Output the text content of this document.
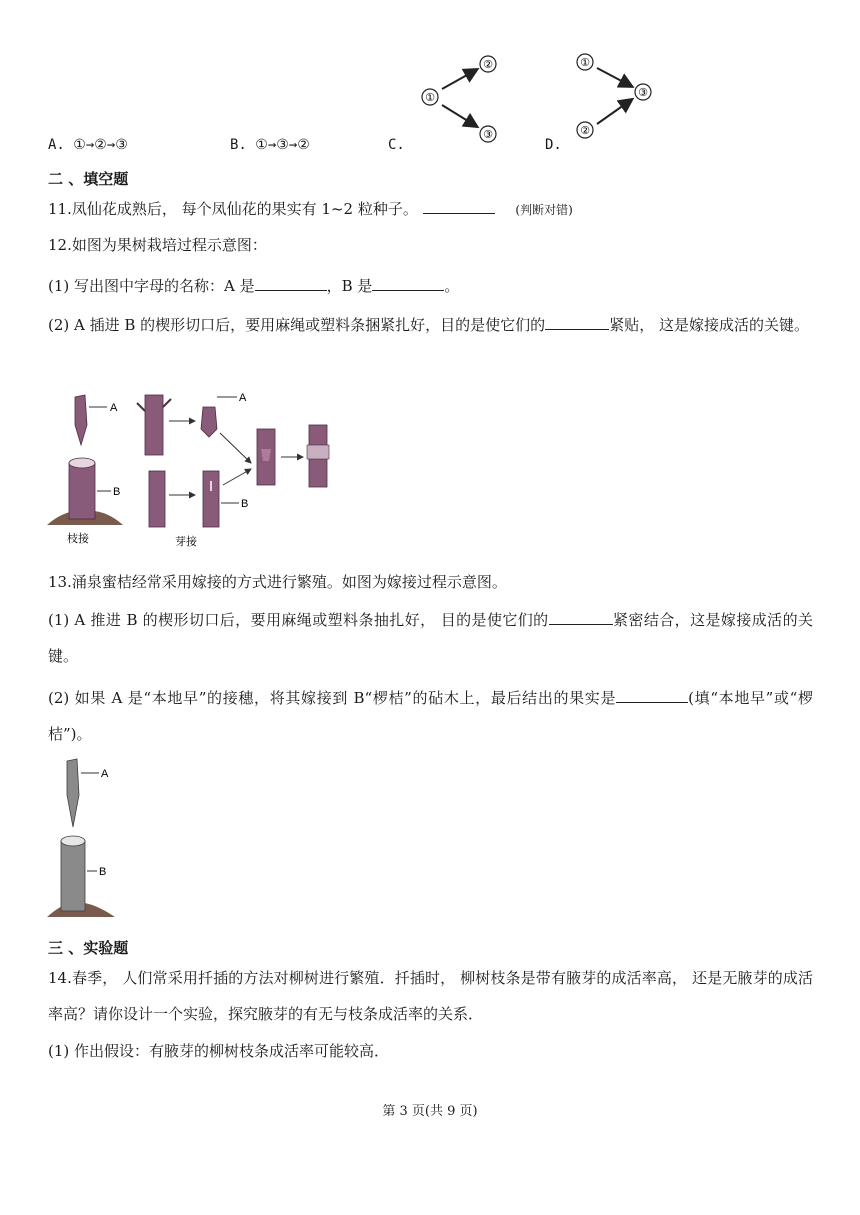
A. ①→②→③	B. ①→③→②	C.	D.
①
②
③
①
②
③
二 、填空题
11.凤仙花成熟后， 每个凤仙花的果实有 1~2 粒种子。	(判断对错)
12.如图为果树栽培过程示意图：
(1) 写出图中字母的名称：A 是	，B 是	。
(2) A 插进 B 的楔形切口后，要用麻绳或塑料条捆紧扎好，目的是使它们的	紧贴， 这是嫁接成活的关键。
A
B
枝接
A
B
芽接
13.涌泉蜜桔经常采用嫁接的方式进行繁殖。如图为嫁接过程示意图。
(1) A 推进 B 的楔形切口后，要用麻绳或塑料条抽扎好， 目的是使它们的	紧密结合，这是嫁接成活的关键。
(2) 如果 A 是“本地早”的接穗，将其嫁接到 B“椤桔”的砧木上，最后结出的果实是	(填“本地早”或“椤桔”)。
A
B
三 、实验题
14.春季， 人们常采用扦插的方法对柳树进行繁殖．扦插时， 柳树枝条是带有腋芽的成活率高， 还是无腋芽的成活率高？请你设计一个实验，探究腋芽的有无与枝条成活率的关系．
(1) 作出假设：有腋芽的柳树枝条成活率可能较高．
第 3 页(共 9 页)
